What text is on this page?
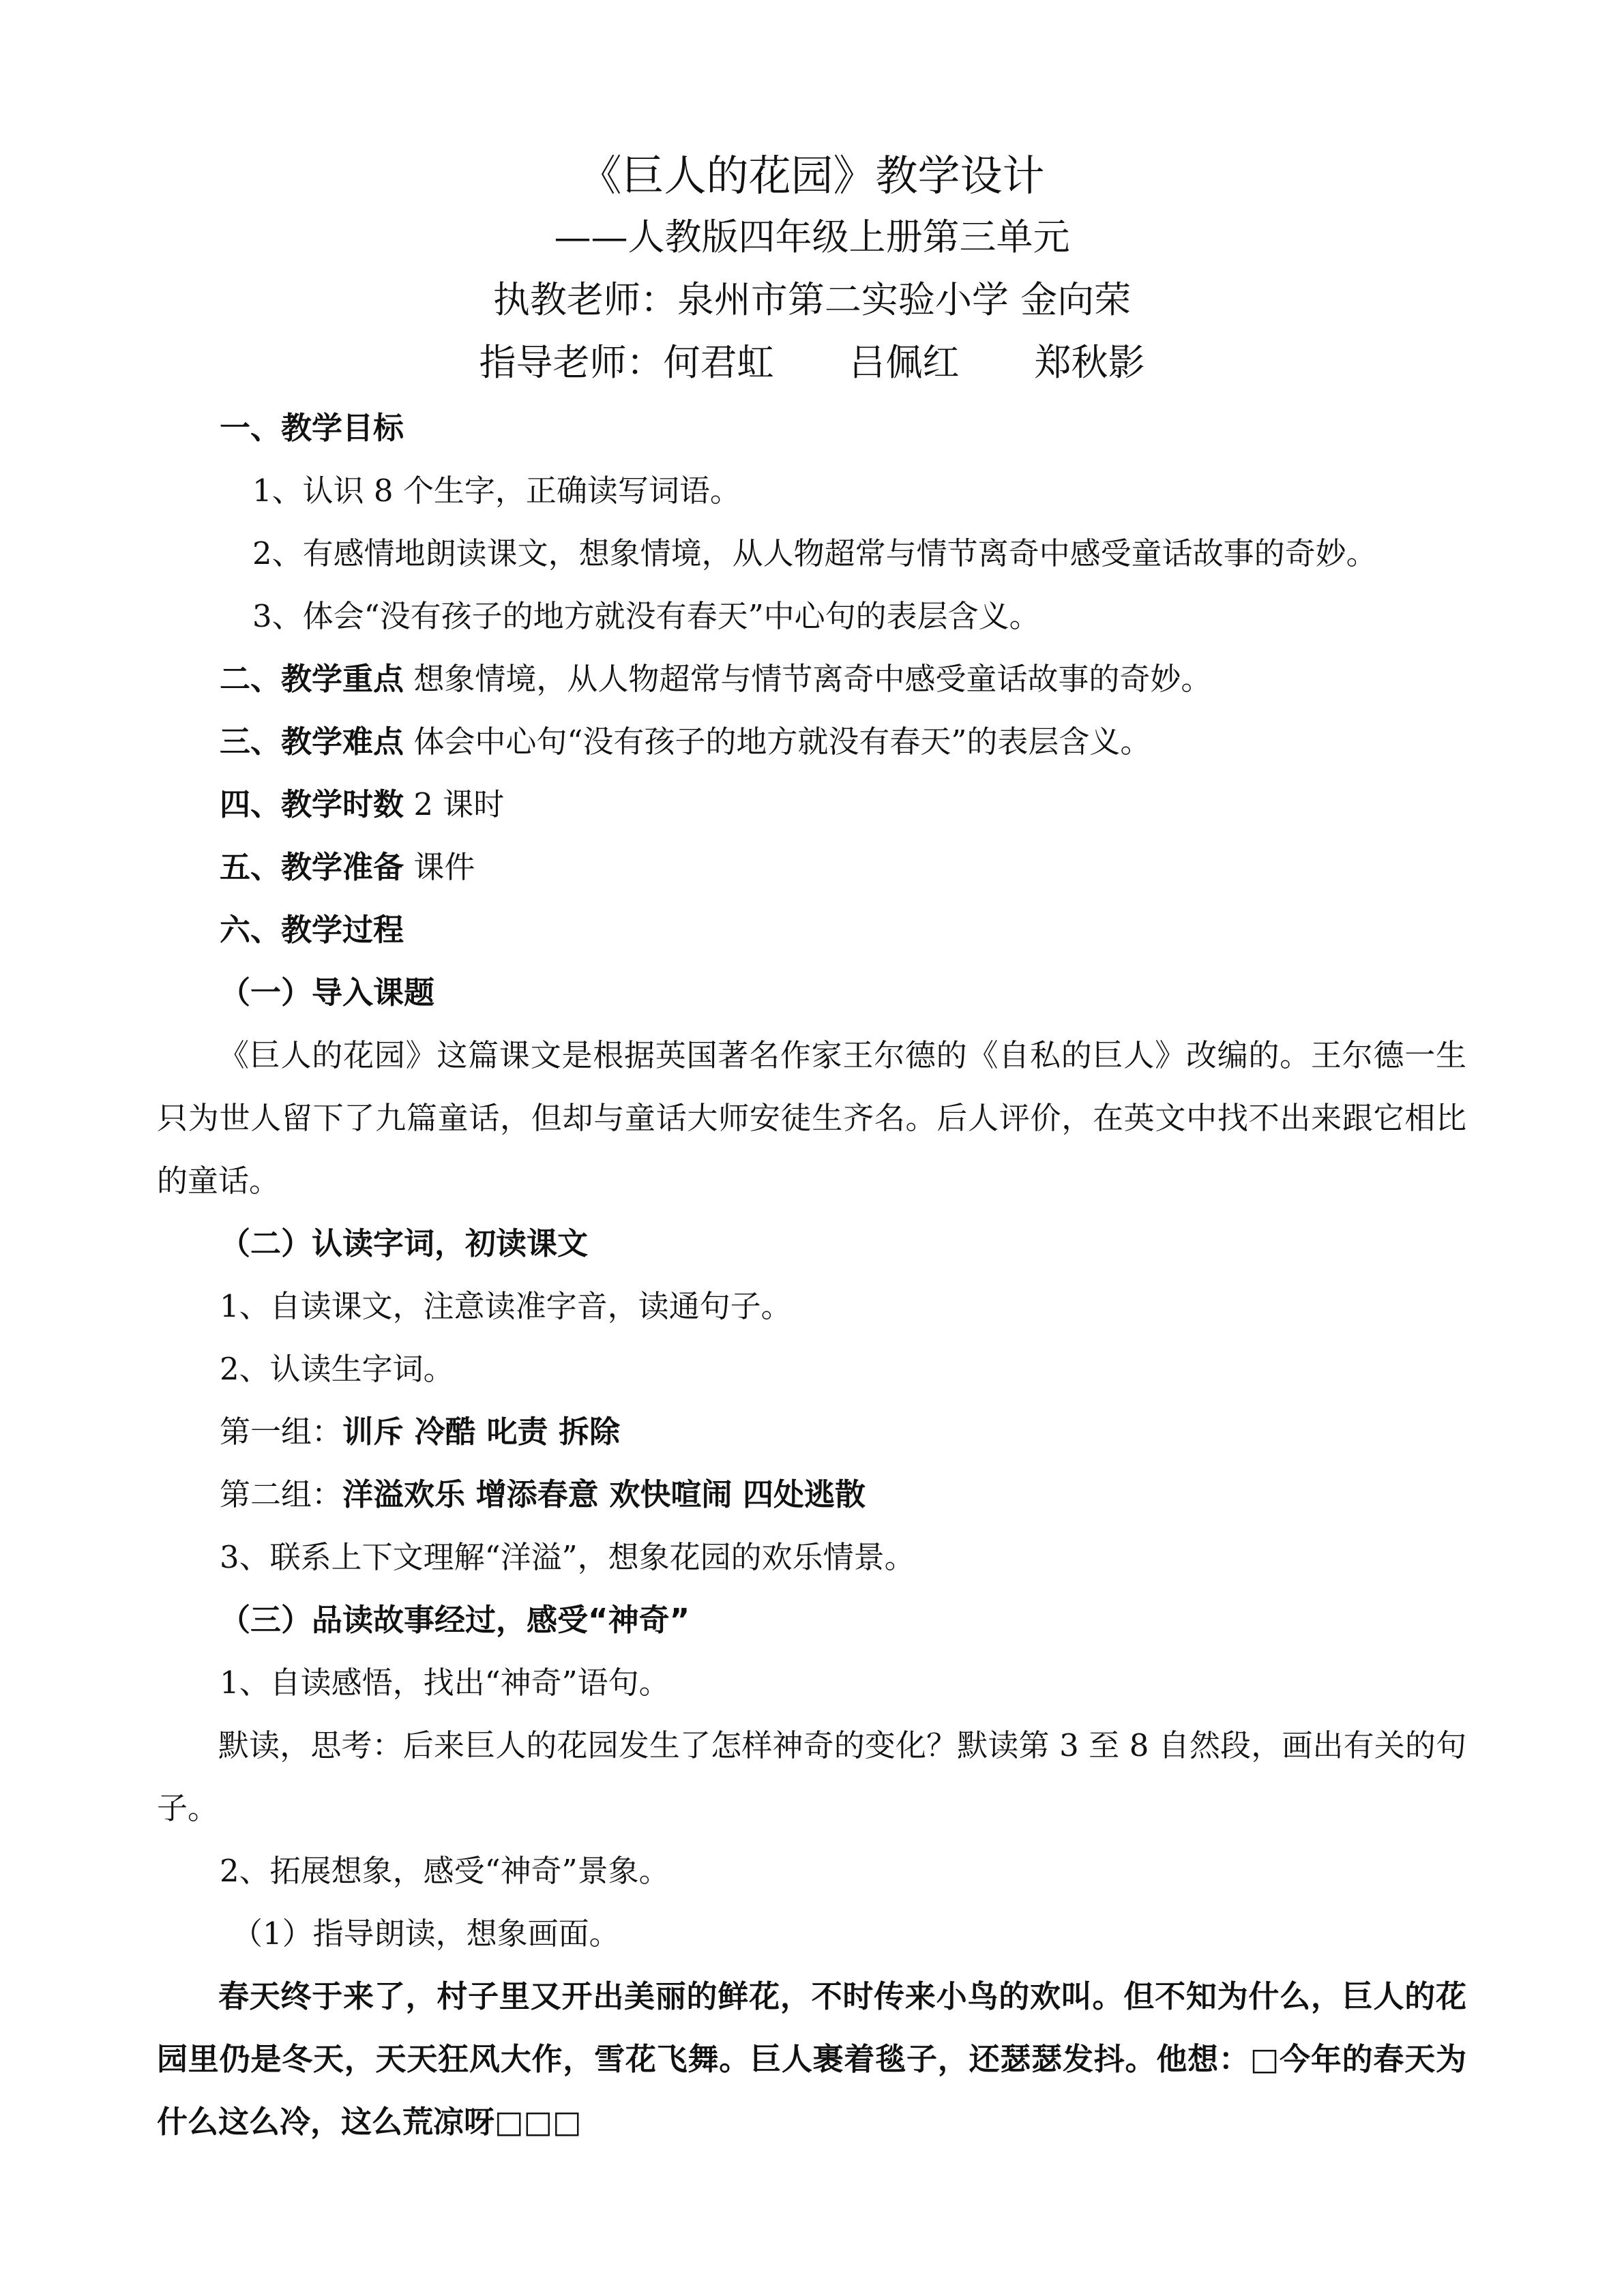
《巨人的花园》教学设计
——人教版四年级上册第三单元
执教老师：泉州市第二实验小学 金向荣
指导老师：何君虹 吕佩红 郑秋影
一、教学目标
1、认识 8 个生字，正确读写词语。
2、有感情地朗读课文，想象情境，从人物超常与情节离奇中感受童话故事的奇妙。
3、体会“没有孩子的地方就没有春天”中心句的表层含义。
二、教学重点 想象情境，从人物超常与情节离奇中感受童话故事的奇妙。
三、教学难点 体会中心句“没有孩子的地方就没有春天”的表层含义。
四、教学时数 2 课时
五、教学准备 课件
六、教学过程
（一）导入课题
《巨人的花园》这篇课文是根据英国著名作家王尔德的《自私的巨人》改编的。王尔德一生只为世人留下了九篇童话，但却与童话大师安徒生齐名。后人评价，在英文中找不出来跟它相比的童话。
（二）认读字词，初读课文
1、自读课文，注意读准字音，读通句子。
2、认读生字词。
第一组：训斥 冷酷 叱责 拆除
第二组：洋溢欢乐 增添春意 欢快喧闹 四处逃散
3、联系上下文理解“洋溢”，想象花园的欢乐情景。
（三）品读故事经过，感受“神奇”
1、自读感悟，找出“神奇”语句。
默读，思考：后来巨人的花园发生了怎样神奇的变化？默读第 3 至 8 自然段，画出有关的句子。
2、拓展想象，感受“神奇”景象。
（1）指导朗读，想象画面。
春天终于来了，村子里又开出美丽的鲜花，不时传来小鸟的欢叫。但不知为什么，巨人的花园里仍是冬天，天天狂风大作，雪花飞舞。巨人裹着毯子，还瑟瑟发抖。他想：□今年的春天为什么这么冷，这么荒凉呀□□□
